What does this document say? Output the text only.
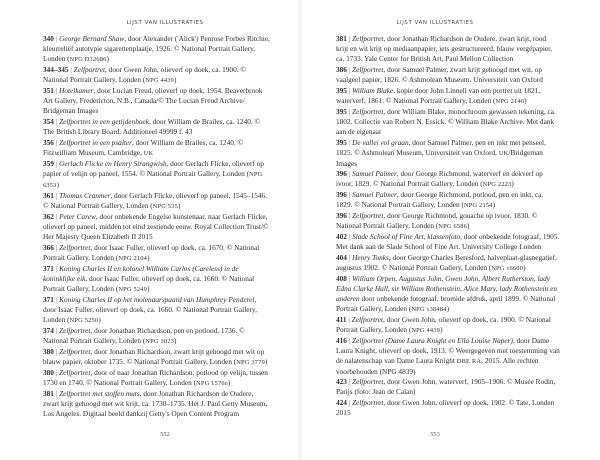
LIJST VAN ILLUSTRATIES

340 | George Bernard Shaw, door Alexander ('Alick') Penrose Forbes Ritchie, kleurreliëf autotypie sigarettenplaatje, 1926. © National Portrait Gallery, Londen (NPG D12686)

344–345 | Zelfportret, door Gwen John, olieverf op doek, ca. 1900. © National Portrait Gallery, Londen (NPG 4439)

351 | Hotelkamer, door Lucian Freud, olieverf op doek, 1954. Beaverbrook Art Gallery, Fredericton, N.B., Canada/© The Lucian Freud Archive/ Bridgeman Images

354 | Zelfportret in een getijdenboek, door William de Brailes, ca. 1240. © The British Library Board. Additioneel 49999 f. 43

356 | Zelfportret in een psalter, door William de Brailes, ca. 1240. © Fitzwilliam Museum, Cambridge, UK

359 | Gerlach Flicke en Henry Strangwish, door Gerlach Flicke, olieverf op papier of velijn op paneel, 1554. © National Portrait Gallery, Londen (NPG 6353)

361 | Thomas Cranmer, door Gerlach Flicke, olieverf op paneel, 1545–1546. © National Portrait Gallery, Londen (NPG 535)

362 | Peter Carew, door onbekende Engelse kunstenaar, naar Gerlach Flicke, olieverf op paneel, midden tot eind zestiende eeuw. Royal Collection Trust/© Her Majesty Queen Elizabeth II 2015

366 | Zelfportret, door Isaac Fuller, olieverf op doek, ca. 1670. © National Portrait Gallery, Londen (NPG 2104)

371 | Koning Charles II en kolonel William Carlos (Careless) in de koninklijke eik, door Isaac Fuller, olieverf op doek, ca. 1660. © National Portrait Gallery, Londen (NPG 5249)

371 | Koning Charles II op het molenaarspaard van Humphrey Penderel, door Isaac Fuller, olieverf op doek, ca. 1660. © National Portrait Gallery, Londen (NPG 5250)

374 | Zelfportret, door Jonathan Richardson, pen en potlood, 1736. © National Portrait Gallery, Londen (NPG 3023)

380 | Zelfportret, door Jonathan Richardson, zwart krijt gehoogd met wit op blauw papier, oktober 1735. © National Portrait Gallery, Londen (NPG 3779)

380 | Zelfportret, door of naar Jonathan Richardson, potlood op velijn, tussen 1730 en 1740. © National Portrait Gallery, Londen (NPG 1576d)

381 | Zelfportret met stoffen muts, door Jonathan Richardson de Oudere, zwart krijt gehoogd met wit krijt, ca. 1730–1735. Het J. Paul Getty Museum, Los Angeles. Digitaal beeld dankzij Getty's Open Content Program

552
LIJST VAN ILLUSTRATIES

381 | Zelfportret, door Jonathan Richardson de Oudere, zwart krijt, rood krijt en wit krijt op mediaanpapier, iets gestructureerd, blauw vergépapier, ca. 1733. Yale Center for British Art, Paul Mellon Collection

386 | Zelfportret, door Samuel Palmer, zwart krijt gehoogd met wit, op vaalgeel papier, 1826. © Ashmolean Museum, Universiteit van Oxford

395 | William Blake, kopie door John Linnell van een portret uit 1821, waterverf, 1861. © National Portrait Gallery, Londen (NPG 2146)

395 | Zelfportret, door William Blake, monochroom gewassen tekening, ca. 1802. Collectie van Robert N. Essick. © William Blake Archive. Met dank aan de eigenaar

395 | De vallei vol graan, door Samuel Palmer, pen en inkt met penseel, 1825. © Ashmolean Museum, Universiteit van Oxford, UK/Bridgeman Images

396 | Samuel Palmer, door George Richmond, waterverf en dekverf op ivoor, 1829. © National Portrait Gallery, Londen (NPG 2223)

396 | Samuel Palmer, door George Richmond, potlood, pen en inkt, ca. 1829. © National Portrait Gallery, Londen (NPG 2154)

396 | Zelfportret, door George Richmond, gouache op ivoor, 1830. © National Portrait Gallery, Londen (NPG 6586)

402 | Slade School of Fine Art, klassenfoto, door onbekende fotograaf, 1905. Met dank aan de Slade School of Fine Art. University College Londen

404 | Henry Tonks, door George Charles Beresford, halveplaat-glasnegatief, augustus 1902. © National Portrait Gallery, Londen (NPG x6600)

408 | William Orpen, Augustus John, Gwen John, Albert Rutherston, lady Edna Clarke Hall, sir William Rothenstein, Alice Mary, lady Rothenstein en anderen door onbekende fotograaf, bromide afdruk, april 1899. © National Portrait Gallery, Londen (NPG x38484)

411 | Zelfportret, door Gwen John, olieverf op doek, ca. 1900. © National Portrait Gallery, Londen (NPG 4439)

416 | Zelfportret (Dame Laura Knight en Ella Louise Naper), door Dame Laura Knight, olieverf op doek, 1913. © Weergegeven met toestemming van de nalatenschap van Dame Laura Knight DBE RA, 2015. Alle rechten voorbehouden (NPG 4839)

423 | Zelfportret, door Gwen John, waterverf, 1905–1906. © Musée Rodin, Parijs (foto: Jean de Calan)

424 | Zelfportret, door Gwen John, olieverf op doek, 1902. © Tate, Londen 2015

553
